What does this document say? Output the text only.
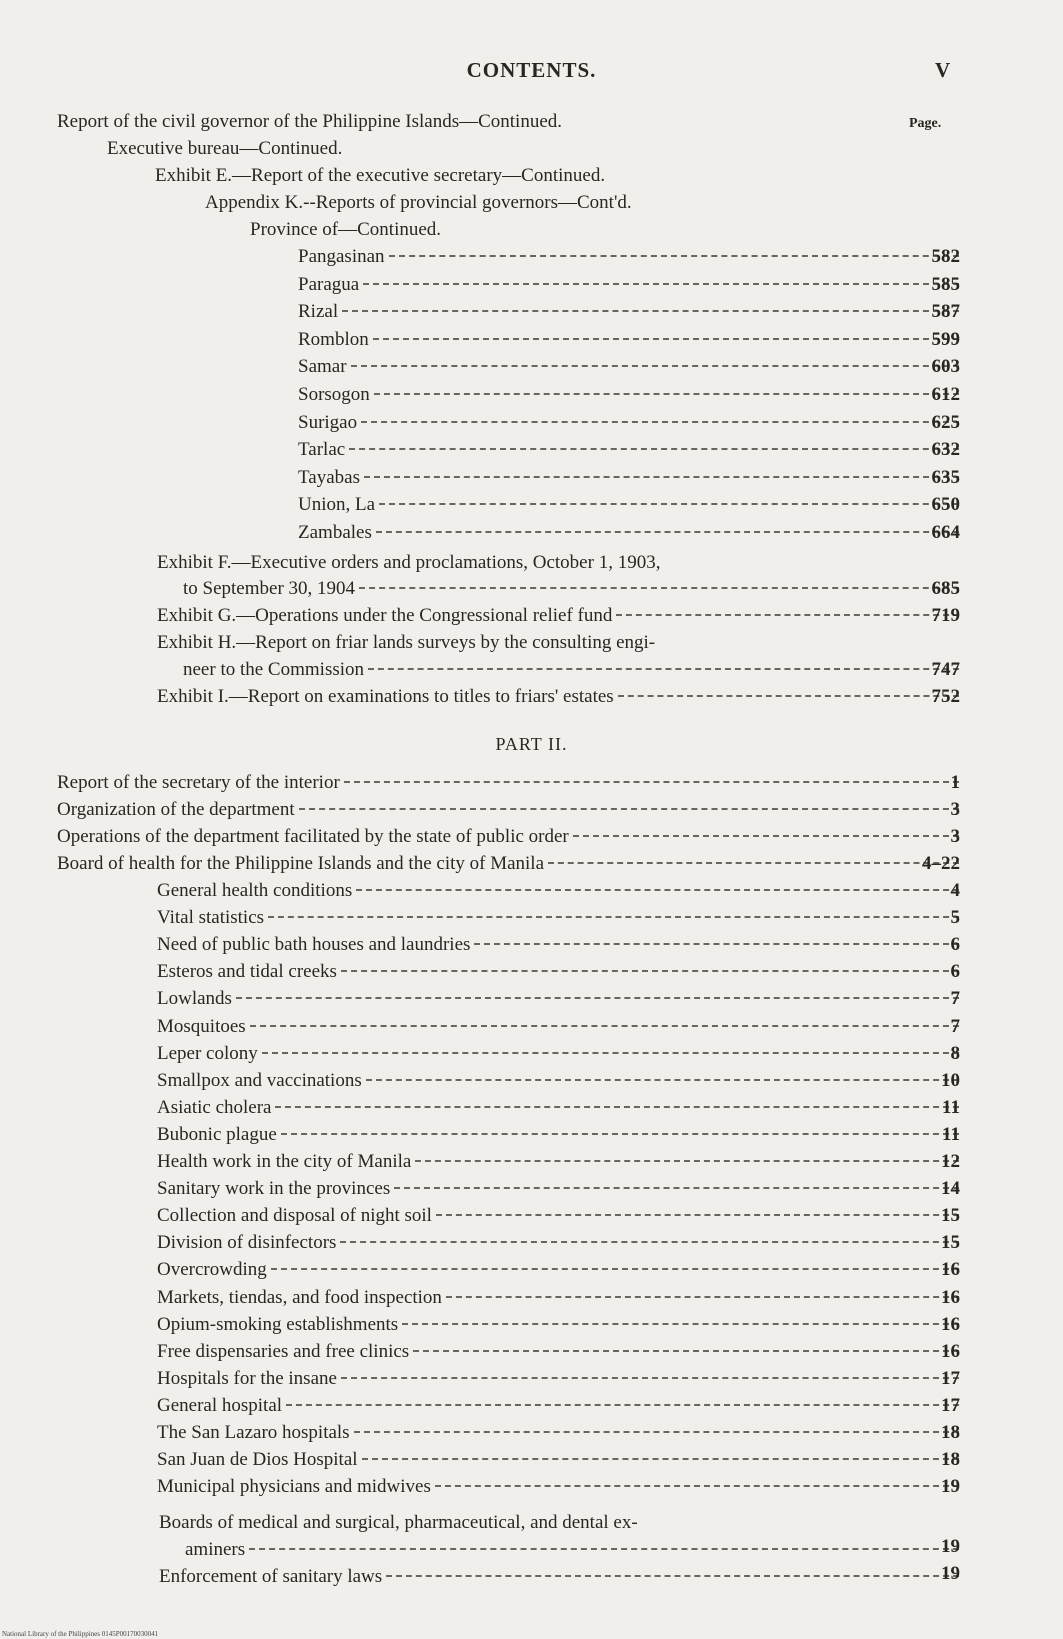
CONTENTS.	V
Report of the civil governor of the Philippine Islands—Continued.	Page.
Executive bureau—Continued.
Exhibit E.—Report of the executive secretary—Continued.
Appendix K.--Reports of provincial governors—Cont'd.
Province of—Continued.
Pangasinan	582
Paragua	585
Rizal	587
Romblon	599
Samar	603
Sorsogon	612
Surigao	625
Tarlac	632
Tayabas	635
Union, La	650
Zambales	664
Exhibit F.—Executive orders and proclamations, October 1, 1903,
to September 30, 1904	685
Exhibit G.—Operations under the Congressional relief fund	719
Exhibit H.—Report on friar lands surveys by the consulting engi-
neer to the Commission	747
Exhibit I.—Report on examinations to titles to friars' estates	752
PART II.
Report of the secretary of the interior	1
Organization of the department	3
Operations of the department facilitated by the state of public order	3
Board of health for the Philippine Islands and the city of Manila	4–22
General health conditions	4
Vital statistics	5
Need of public bath houses and laundries	6
Esteros and tidal creeks	6
Lowlands	7
Mosquitoes	7
Leper colony	8
Smallpox and vaccinations	10
Asiatic cholera	11
Bubonic plague	11
Health work in the city of Manila	12
Sanitary work in the provinces	14
Collection and disposal of night soil	15
Division of disinfectors	15
Overcrowding	16
Markets, tiendas, and food inspection	16
Opium-smoking establishments	16
Free dispensaries and free clinics	16
Hospitals for the insane	17
General hospital	17
The San Lazaro hospitals	18
San Juan de Dios Hospital	18
Municipal physicians and midwives	19
Boards of medical and surgical, pharmaceutical, and dental ex-
aminers	19
Enforcement of sanitary laws	19
National Library of the Philippines 0145P00170030041
